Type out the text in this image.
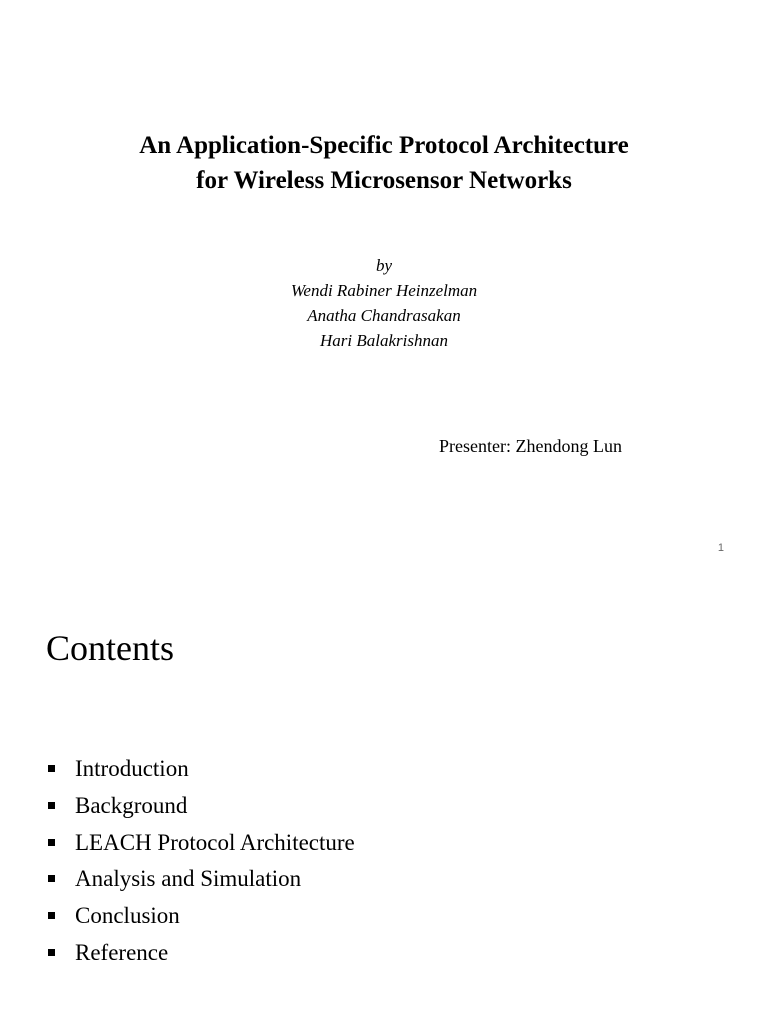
An Application-Specific Protocol Architecture
for Wireless Microsensor Networks
by
Wendi Rabiner Heinzelman
Anatha Chandrasakan
Hari Balakrishnan
Presenter: Zhendong Lun
1
Contents
Introduction
Background
LEACH Protocol Architecture
Analysis and Simulation
Conclusion
Reference
